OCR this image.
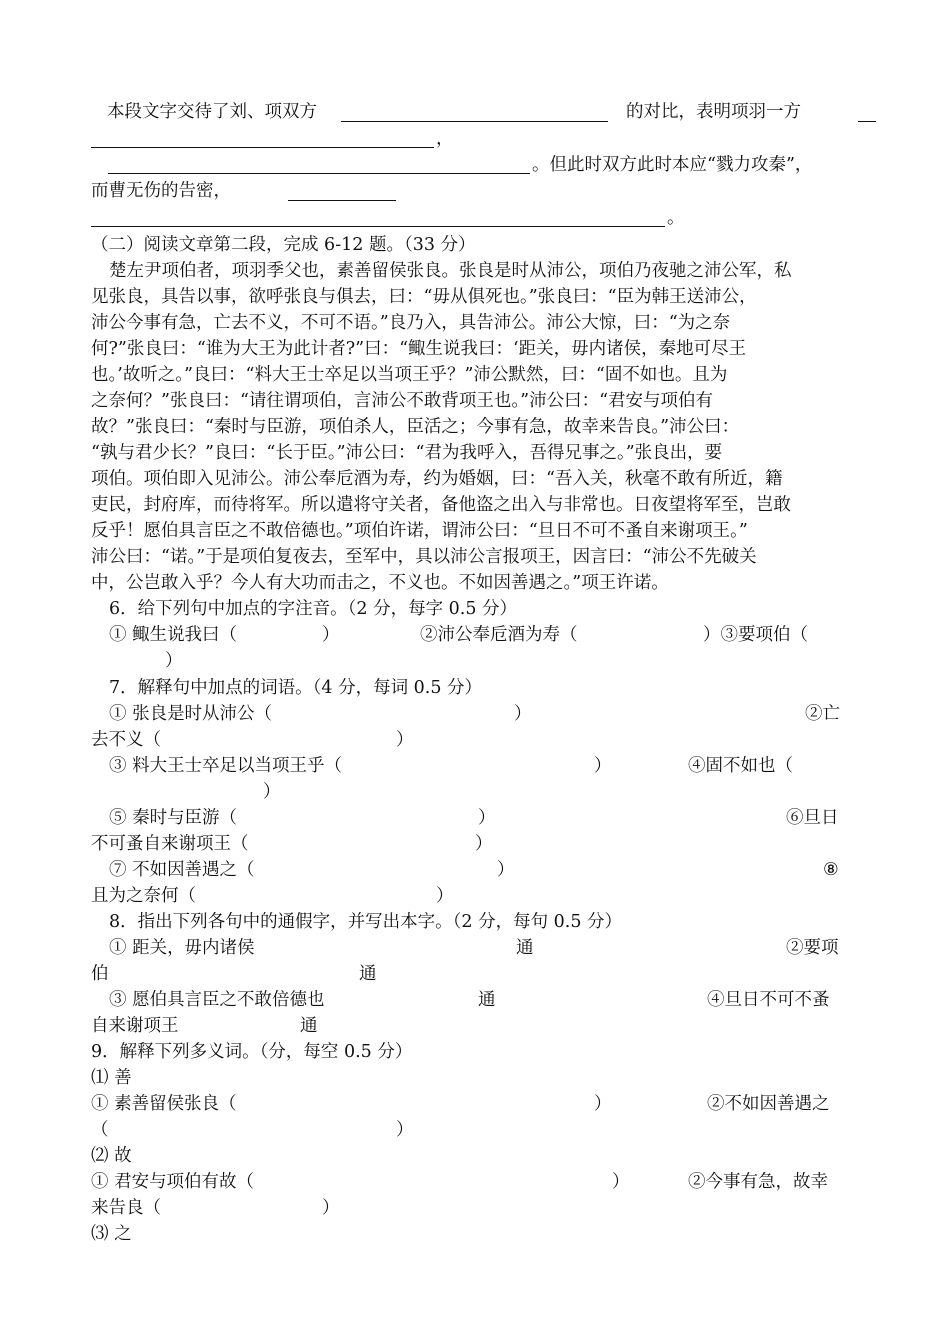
本段文字交待了刘、项双方	的对比，表明项羽一方
，
。但此时双方此时本应“戮力攻秦”，
而曹无伤的告密，
。
（二）阅读文章第二段，完成 6-12 题。（33 分）
楚左尹项伯者，项羽季父也，素善留侯张良。张良是时从沛公，项伯乃夜驰之沛公军，私
见张良，具告以事，欲呼张良与俱去，曰：“毋从俱死也。”张良曰：“臣为韩王送沛公，
沛公今事有急，亡去不义，不可不语。”良乃入，具告沛公。沛公大惊，曰：“为之奈
何?”张良曰：“谁为大王为此计者?”曰：“鲰生说我曰：‘距关，毋内诸侯，秦地可尽王
也。’故听之。”良曰：“料大王士卒足以当项王乎？”沛公默然，曰：“固不如也。且为
之奈何？”张良曰：“请往谓项伯，言沛公不敢背项王也。”沛公曰：“君安与项伯有
故？”张良曰：“秦时与臣游，项伯杀人，臣活之；今事有急，故幸来告良。”沛公曰：
“孰与君少长？”良曰：“长于臣。”沛公曰：“君为我呼入，吾得兄事之。”张良出，要
项伯。项伯即入见沛公。沛公奉卮酒为寿，约为婚姻，曰：“吾入关，秋毫不敢有所近，籍
吏民，封府库，而待将军。所以遣将守关者，备他盗之出入与非常也。日夜望将军至，岂敢
反乎！愿伯具言臣之不敢倍德也。”项伯许诺，谓沛公曰：“旦日不可不蚤自来谢项王。”
沛公曰：“诺。”于是项伯复夜去，至军中，具以沛公言报项王，因言曰：“沛公不先破关
中，公岂敢入乎？今人有大功而击之，不义也。不如因善遇之。”项王许诺。
6．给下列句中加点的字注音。（2 分，每字 0.5 分）
① 鲰生说我曰（	）	②沛公奉卮酒为寿（	）③要项伯（
）
7．解释句中加点的词语。（4 分，每词 0.5 分）
① 张良是时从沛公（	）	②亡
去不义（	）
③ 料大王士卒足以当项王乎（	）	④固不如也（
）
⑤ 秦时与臣游（	）	⑥旦日
不可蚤自来谢项王（	）
⑦ 不如因善遇之（	）	⑧
且为之奈何（	）
8．指出下列各句中的通假字，并写出本字。（2 分，每句 0.5 分）
① 距关，毋内诸侯	通	②要项
伯	通
③ 愿伯具言臣之不敢倍德也	通	④旦日不可不蚤
自来谢项王	通
9．解释下列多义词。（分，每空 0.5 分）
⑴ 善
① 素善留侯张良（	）	②不如因善遇之
（	）
⑵ 故
① 君安与项伯有故（	）	②今事有急，故幸
来告良（	）
⑶ 之
